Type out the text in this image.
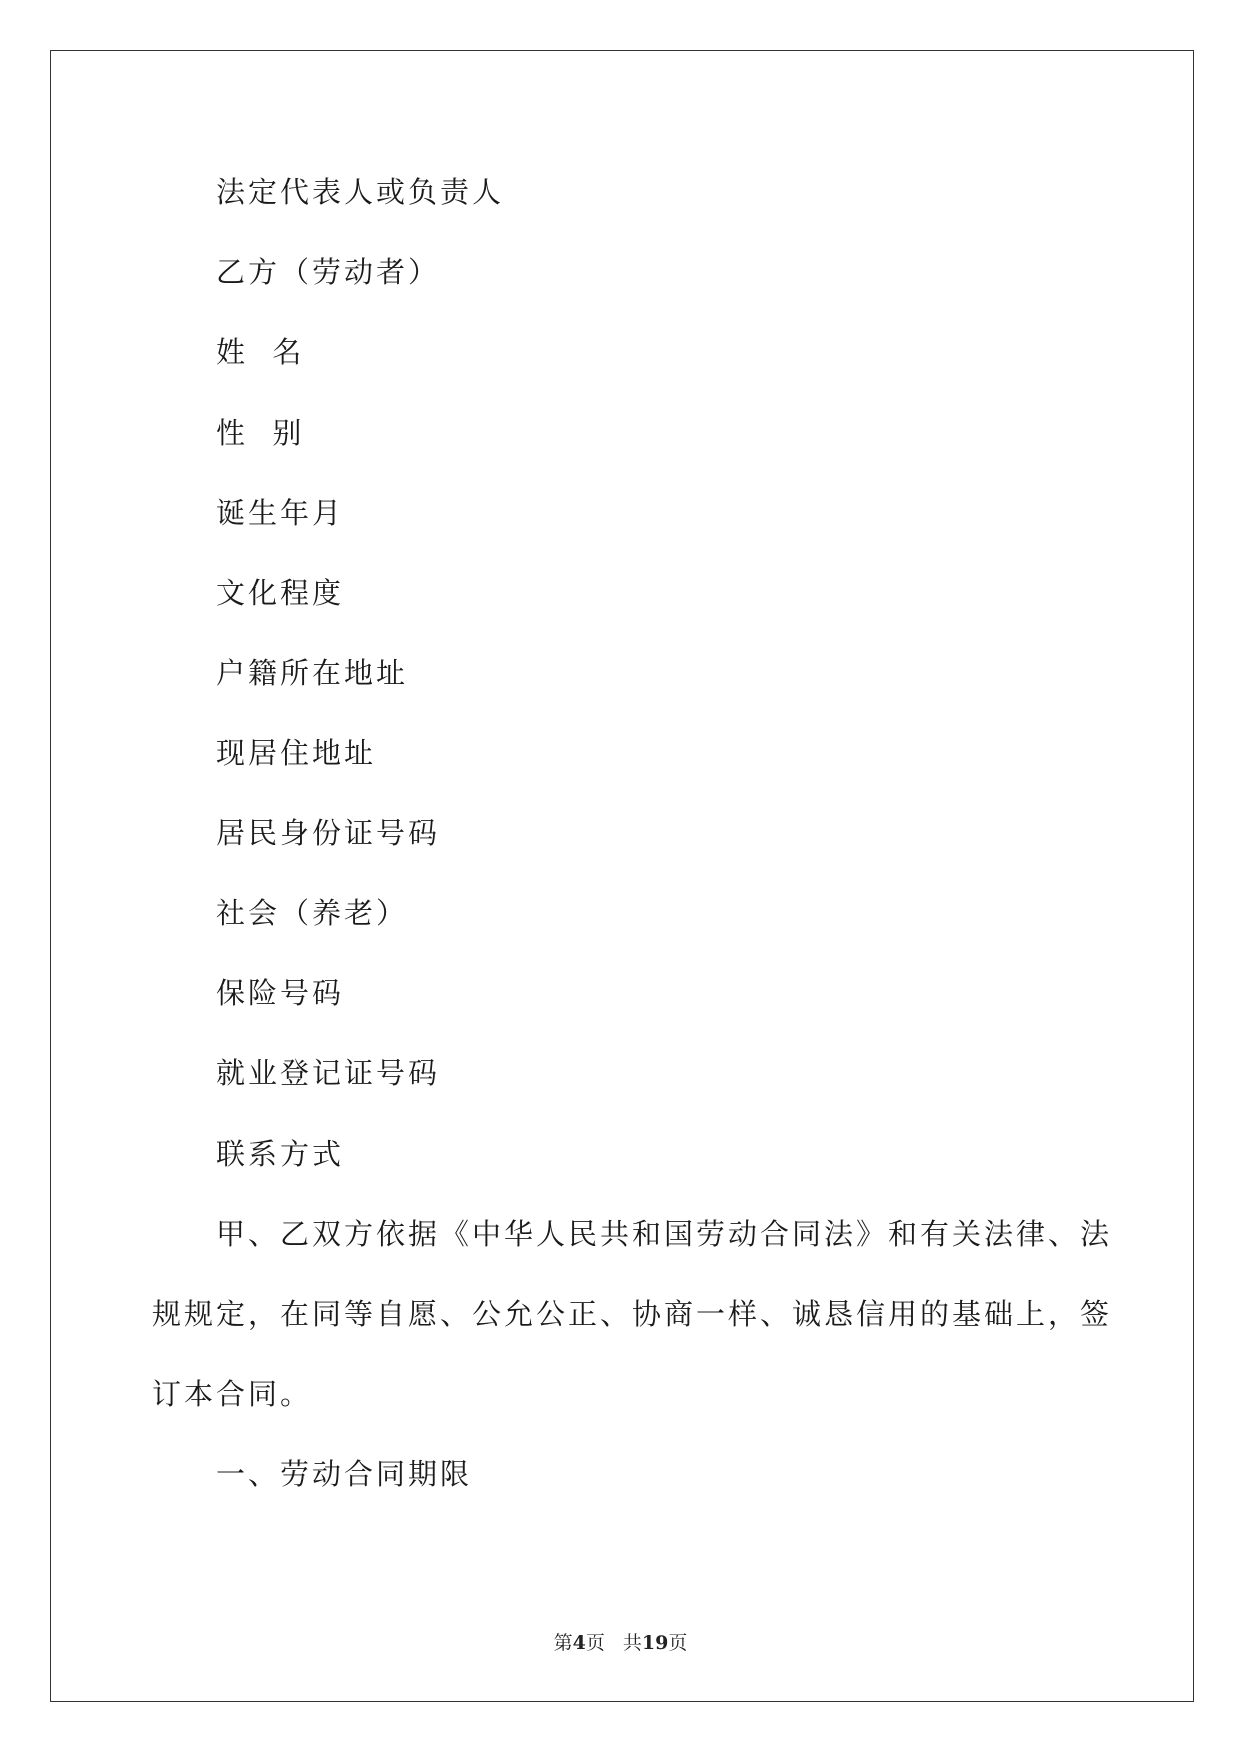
法定代表人或负责人
乙方（劳动者）
姓  名
性  别
诞生年月
文化程度
户籍所在地址
现居住地址
居民身份证号码
社会（养老）
保险号码
就业登记证号码
联系方式
甲、乙双方依据《中华人民共和国劳动合同法》和有关法律、法
规规定，在同等自愿、公允公正、协商一样、诚恳信用的基础上，签
订本合同。
一、劳动合同期限
第4页 共19页
